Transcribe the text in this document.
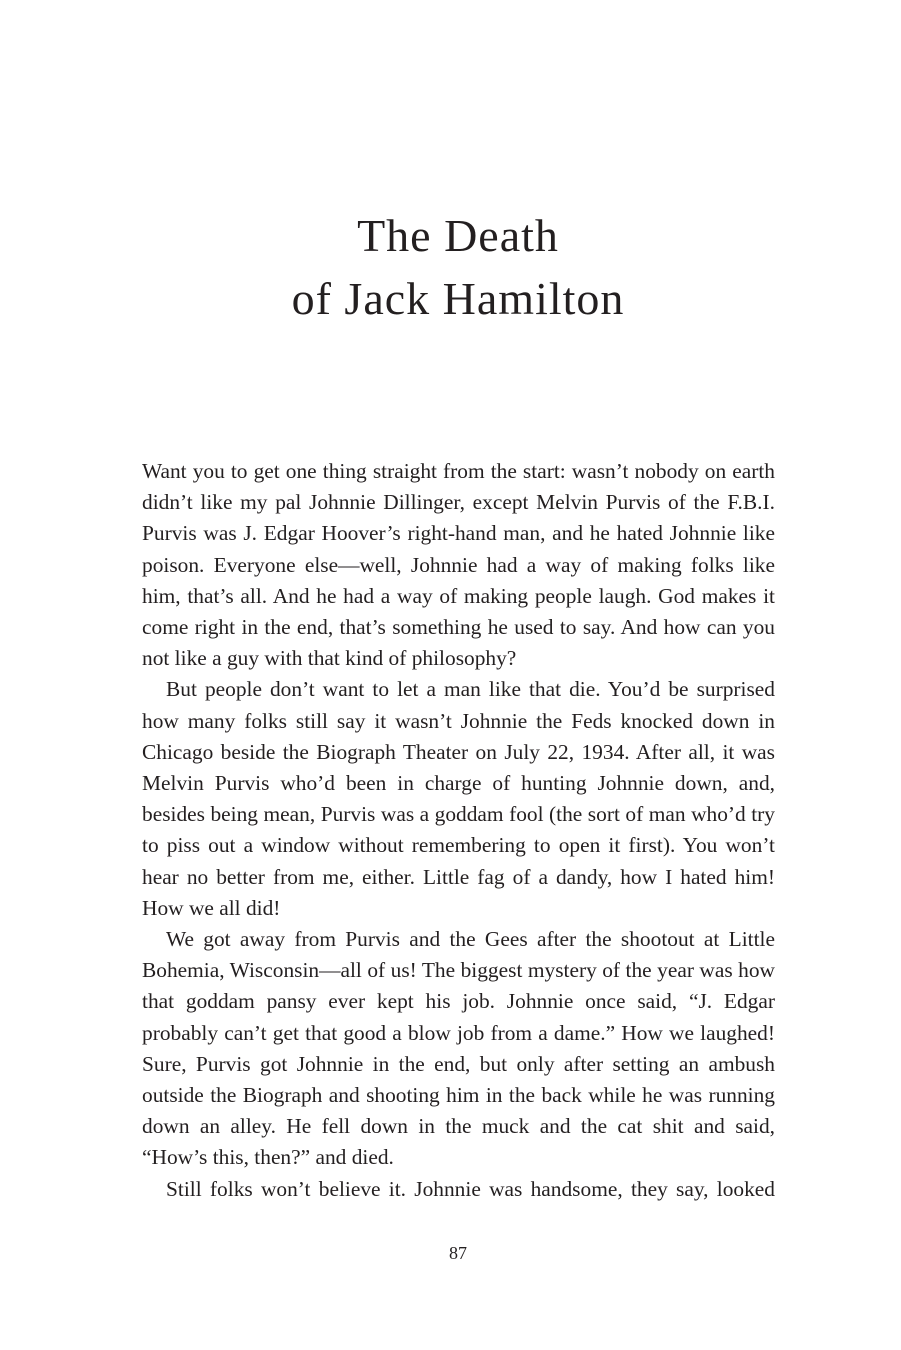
The Death
of Jack Hamilton

Want you to get one thing straight from the start: wasn’t nobody on earth didn’t like my pal Johnnie Dillinger, except Melvin Purvis of the F.B.I. Purvis was J. Edgar Hoover’s right-hand man, and he hated Johnnie like poison. Everyone else—well, Johnnie had a way of making folks like him, that’s all. And he had a way of making people laugh. God makes it come right in the end, that’s something he used to say. And how can you not like a guy with that kind of philosophy?

But people don’t want to let a man like that die. You’d be surprised how many folks still say it wasn’t Johnnie the Feds knocked down in Chicago beside the Biograph Theater on July 22, 1934. After all, it was Melvin Purvis who’d been in charge of hunting Johnnie down, and, besides being mean, Purvis was a goddam fool (the sort of man who’d try to piss out a window without remembering to open it first). You won’t hear no better from me, either. Little fag of a dandy, how I hated him! How we all did!

We got away from Purvis and the Gees after the shootout at Little Bohemia, Wisconsin—all of us! The biggest mystery of the year was how that goddam pansy ever kept his job. Johnnie once said, “J. Edgar probably can’t get that good a blow job from a dame.” How we laughed! Sure, Purvis got Johnnie in the end, but only after setting an ambush outside the Biograph and shooting him in the back while he was running down an alley. He fell down in the muck and the cat shit and said, “How’s this, then?” and died.

Still folks won’t believe it. Johnnie was handsome, they say, looked

87
